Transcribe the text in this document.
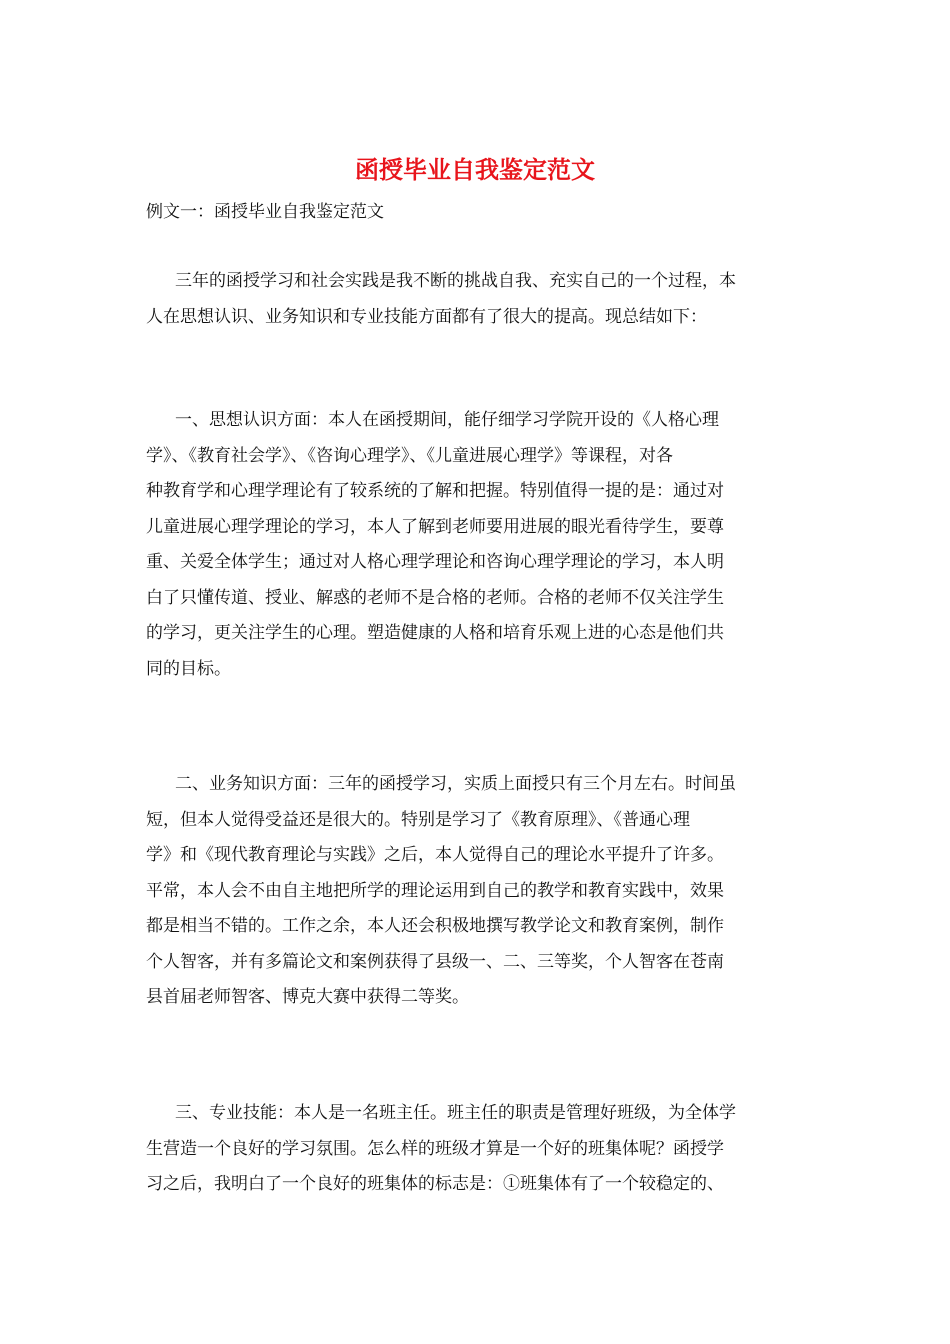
函授毕业自我鉴定范文
例文一：函授毕业自我鉴定范文
三年的函授学习和社会实践是我不断的挑战自我、充实自己的一个过程，本
人在思想认识、业务知识和专业技能方面都有了很大的提高。现总结如下：
一、思想认识方面：本人在函授期间，能仔细学习学院开设的《人格心理
学》、《教育社会学》、《咨询心理学》、《儿童进展心理学》等课程，对各
种教育学和心理学理论有了较系统的了解和把握。特别值得一提的是：通过对
儿童进展心理学理论的学习，本人了解到老师要用进展的眼光看待学生，要尊
重、关爱全体学生；通过对人格心理学理论和咨询心理学理论的学习，本人明
白了只懂传道、授业、解惑的老师不是合格的老师。合格的老师不仅关注学生
的学习，更关注学生的心理。塑造健康的人格和培育乐观上进的心态是他们共
同的目标。
二、业务知识方面：三年的函授学习，实质上面授只有三个月左右。时间虽
短，但本人觉得受益还是很大的。特别是学习了《教育原理》、《普通心理
学》和《现代教育理论与实践》之后，本人觉得自己的理论水平提升了许多。
平常，本人会不由自主地把所学的理论运用到自己的教学和教育实践中，效果
都是相当不错的。工作之余，本人还会积极地撰写教学论文和教育案例，制作
个人智客，并有多篇论文和案例获得了县级一、二、三等奖，个人智客在苍南
县首届老师智客、博克大赛中获得二等奖。
三、专业技能：本人是一名班主任。班主任的职责是管理好班级，为全体学
生营造一个良好的学习氛围。怎么样的班级才算是一个好的班集体呢？函授学
习之后，我明白了一个良好的班集体的标志是：①班集体有了一个较稳定的、
